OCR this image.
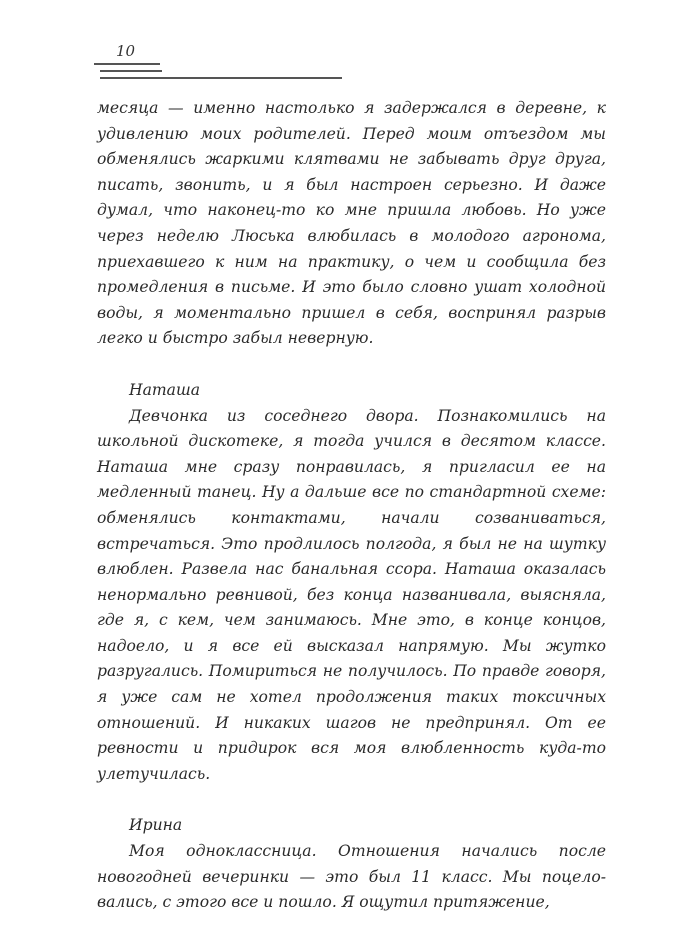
10

месяца — именно настолько я задержался в деревне, к удивлению моих родителей. Перед моим отъездом мы обменялись жаркими клятвами не забывать друг друга, писать, звонить, и я был настроен серьезно. И даже думал, что наконец-то ко мне пришла любовь. Но уже через неделю Люська влюбилась в молодого агронома, приехавшего к ним на практику, о чем и сообщила без промедления в письме. И это было словно ушат холодной воды, я моментально пришел в себя, воспринял разрыв легко и быстро забыл неверную.

Наташа

Девчонка из соседнего двора. Познакомились на школьной дискотеке, я тогда учился в десятом классе. Наташа мне сразу понравилась, я пригласил ее на медленный танец. Ну а дальше все по стандартной схеме: обменялись контактами, начали созваниваться, встречаться. Это продлилось полгода, я был не на шутку влюблен. Развела нас банальная ссора. Наташа оказалась ненормально ревнивой, без конца названивала, выясняла, где я, с кем, чем занимаюсь. Мне это, в конце концов, надоело, и я все ей высказал напрямую. Мы жутко разругались. Помириться не получилось. По правде говоря, я уже сам не хотел продолжения таких токсичных отношений. И никаких шагов не предпринял. От ее ревности и придирок вся моя влюбленность куда-то улетучилась.

Ирина

Моя одноклассница. Отношения начались после новогодней вечеринки — это был 11 класс. Мы поцеловались, с этого все и пошло. Я ощутил притяжение,
